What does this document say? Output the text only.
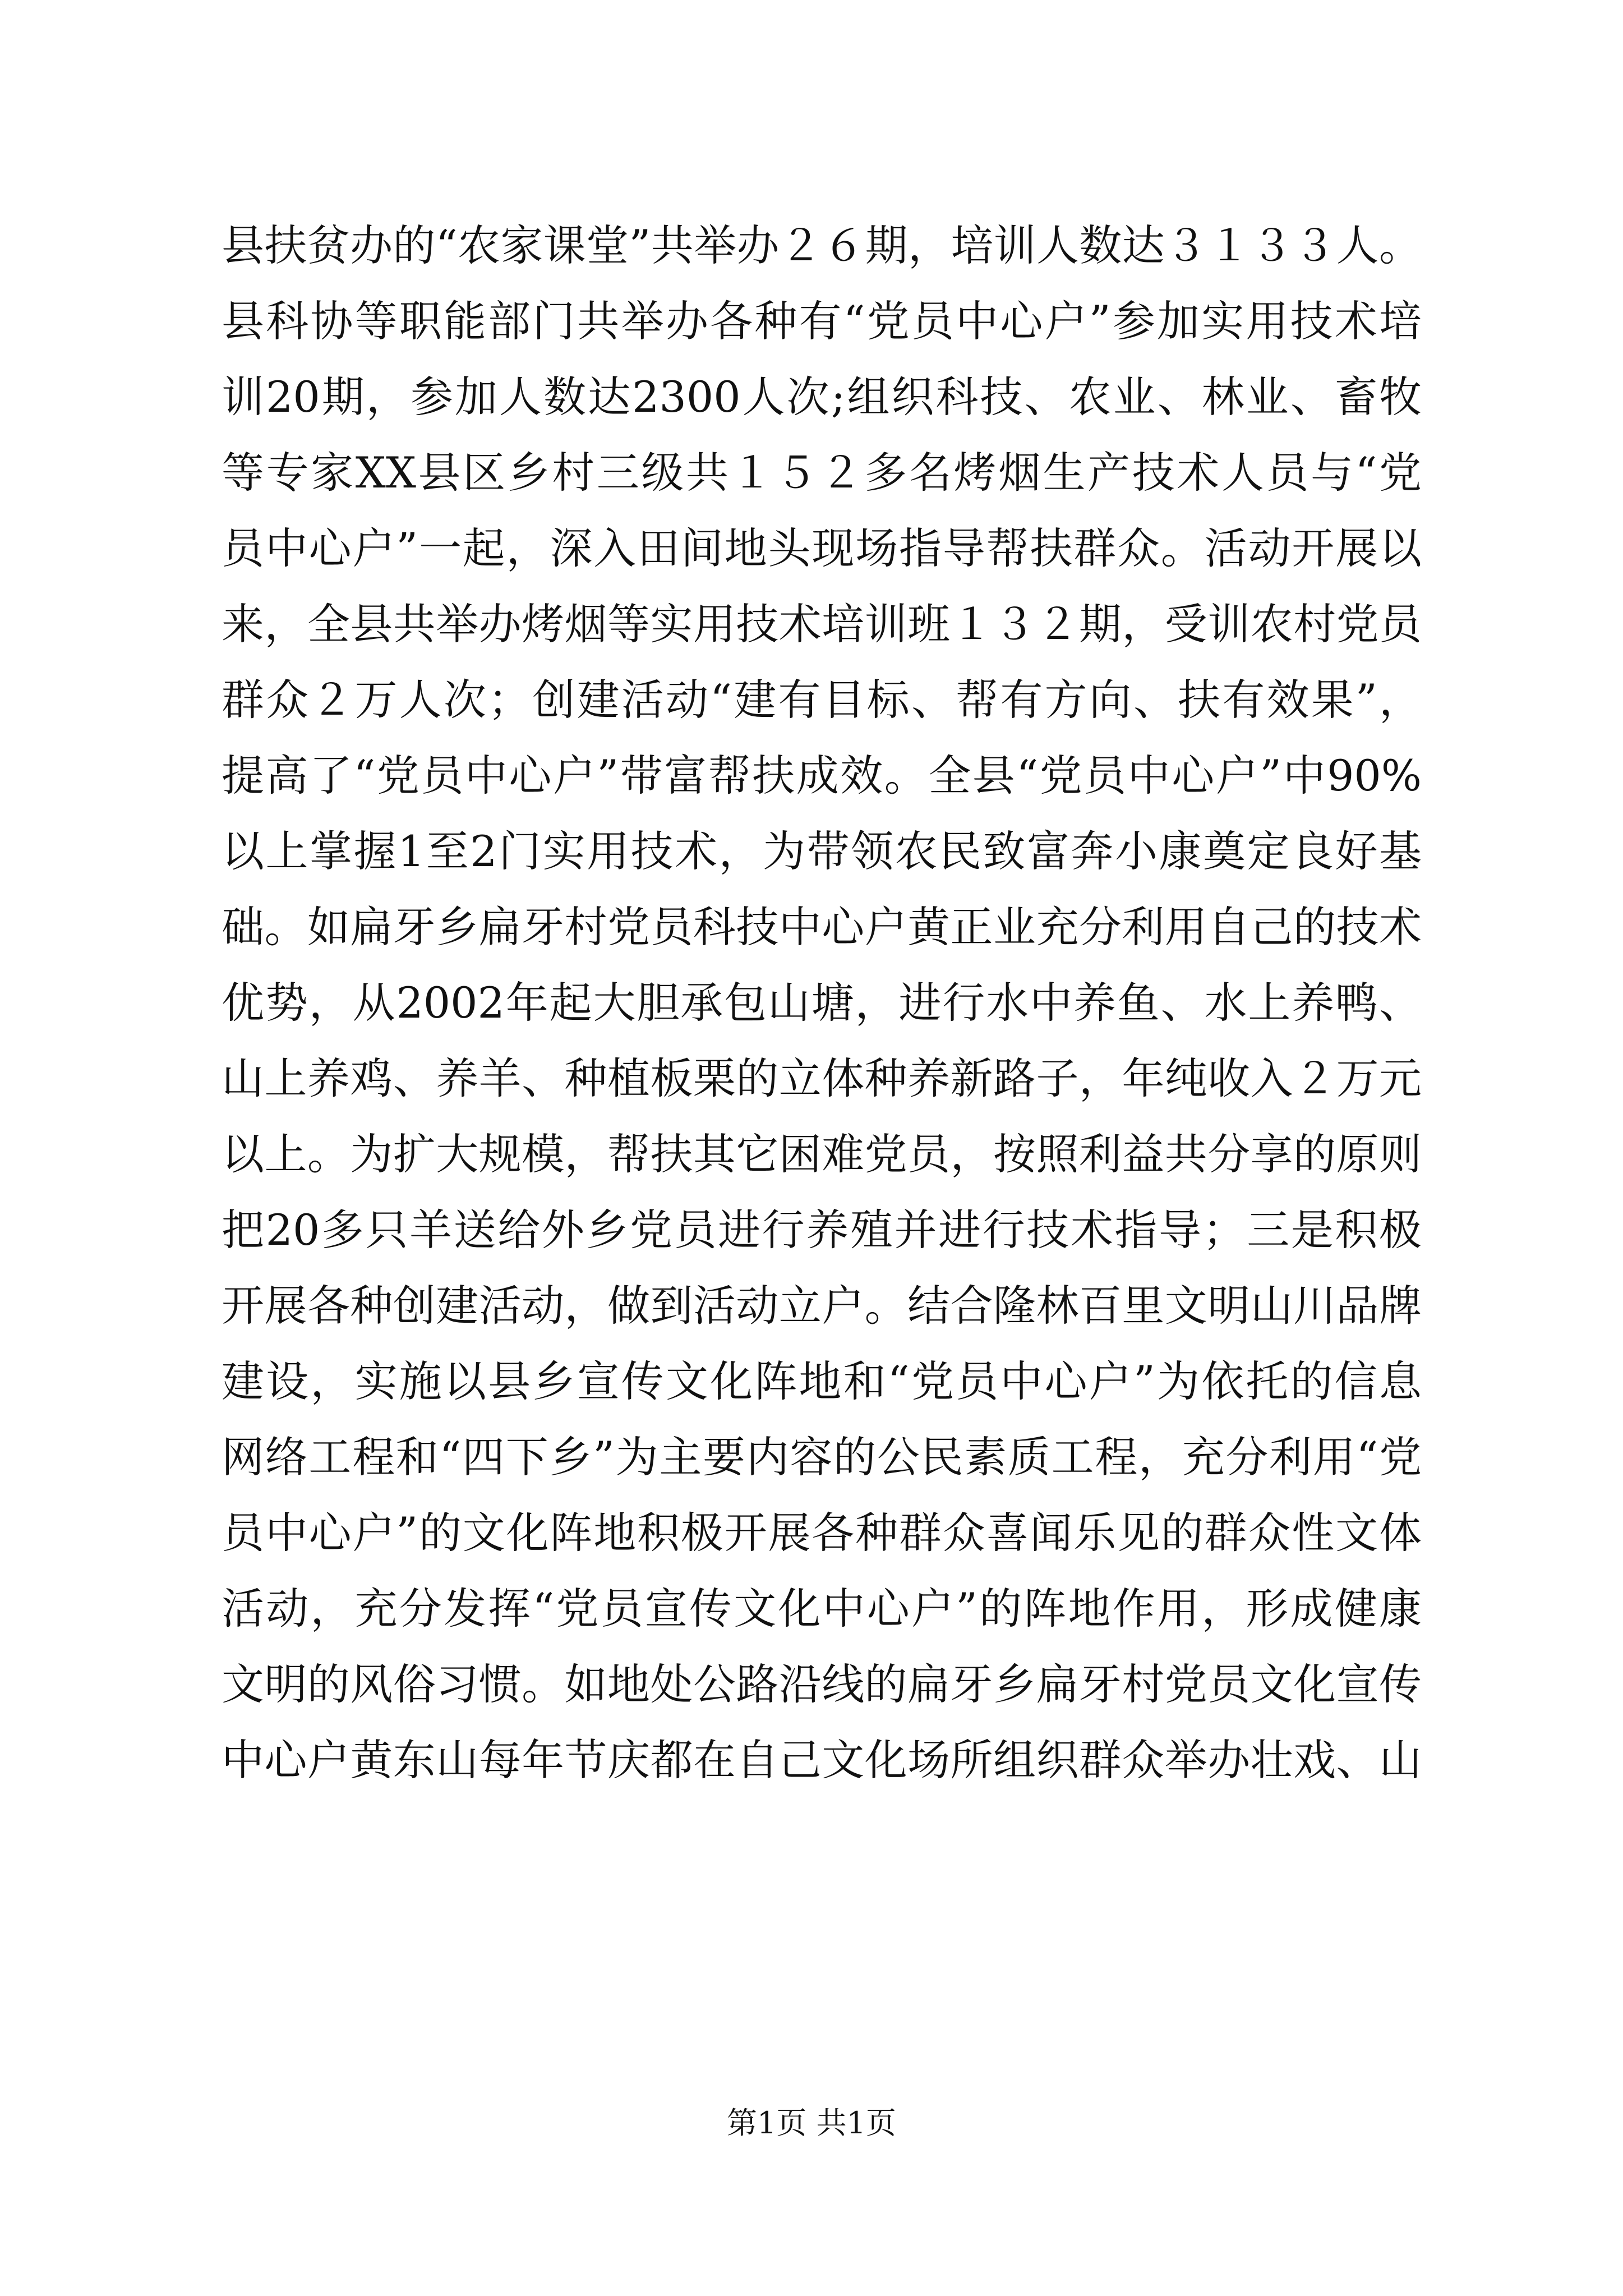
县扶贫办的“农家课堂”共举办２６期，培训人数达３１３３人。
县科协等职能部门共举办各种有“党员中心户”参加实用技术培
训20期，参加人数达2300人次;组织科技、农业、林业、畜牧
等专家XX县区乡村三级共１５２多名烤烟生产技术人员与“党
员中心户”一起，深入田间地头现场指导帮扶群众。活动开展以
来，全县共举办烤烟等实用技术培训班１３２期，受训农村党员
群众２万人次；创建活动“建有目标、帮有方向、扶有效果”，
提高了“党员中心户”带富帮扶成效。全县“党员中心户”中90%
以上掌握1至2门实用技术，为带领农民致富奔小康奠定良好基
础。如扁牙乡扁牙村党员科技中心户黄正业充分利用自己的技术
优势，从2002年起大胆承包山塘，进行水中养鱼、水上养鸭、
山上养鸡、养羊、种植板栗的立体种养新路子，年纯收入２万元
以上。为扩大规模，帮扶其它困难党员，按照利益共分享的原则
把20多只羊送给外乡党员进行养殖并进行技术指导；三是积极
开展各种创建活动，做到活动立户。结合隆林百里文明山川品牌
建设，实施以县乡宣传文化阵地和“党员中心户”为依托的信息
网络工程和“四下乡”为主要内容的公民素质工程，充分利用“党
员中心户”的文化阵地积极开展各种群众喜闻乐见的群众性文体
活动，充分发挥“党员宣传文化中心户”的阵地作用，形成健康
文明的风俗习惯。如地处公路沿线的扁牙乡扁牙村党员文化宣传
中心户黄东山每年节庆都在自己文化场所组织群众举办壮戏、山
第1页 共1页
